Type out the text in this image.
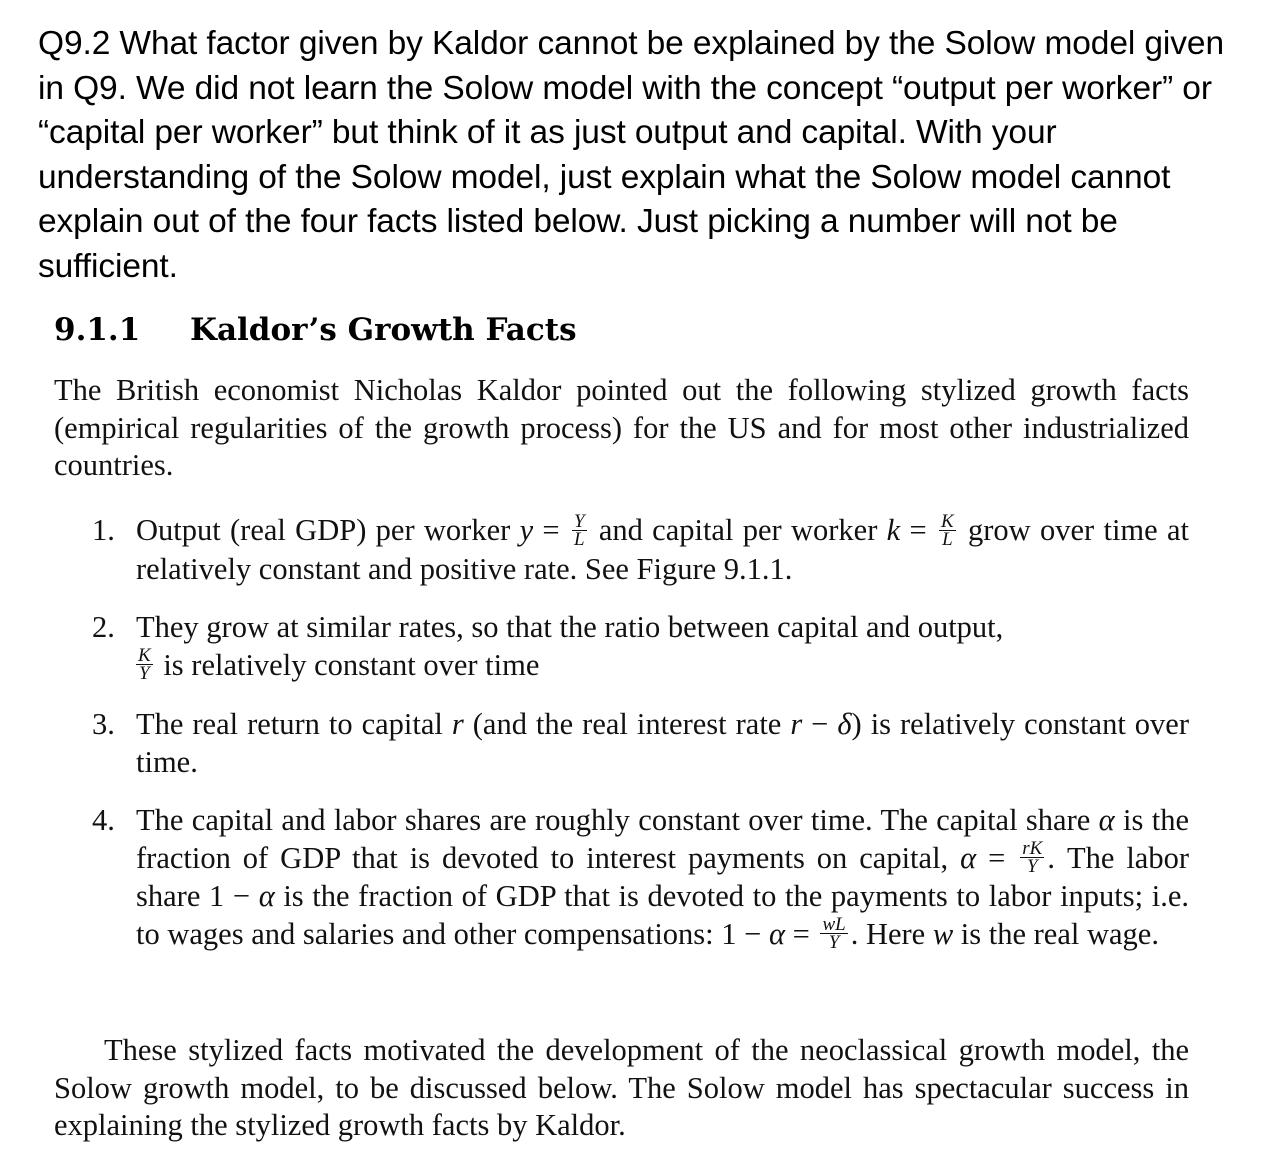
Q9.2 What factor given by Kaldor cannot be explained by the Solow model given in Q9. We did not learn the Solow model with the concept “output per worker” or “capital per worker” but think of it as just output and capital. With your understanding of the Solow model, just explain what the Solow model cannot explain out of the four facts listed below. Just picking a number will not be sufficient.
9.1.1 Kaldor’s Growth Facts

The British economist Nicholas Kaldor pointed out the following stylized growth facts (empirical regularities of the growth process) for the US and for most other industrialized countries.

1. Output (real GDP) per worker $y = \frac{Y}{L}$ and capital per worker $k = \frac{K}{L}$ grow over time at relatively constant and positive rate. See Figure 9.1.1.
2. They grow at similar rates, so that the ratio between capital and output,

$\frac{K}{Y}$ is relatively constant over time
3. The real return to capital r (and the real interest rate r − δ) is relatively constant over time.
4. The capital and labor shares are roughly constant over time. The capital share α is the fraction of GDP that is devoted to interest payments on capital, $\alpha = \frac{rK}{Y}$ . The labor share 1 − α is the fraction of GDP that is devoted to the payments to labor inputs; i.e. to wages and salaries and other compensations: $1 - \alpha = \frac{wL}{Y}$ . Here w is the real wage.

These stylized facts motivated the development of the neoclassical growth model, the Solow growth model, to be discussed below. The Solow model has spectacular success in explaining the stylized growth facts by Kaldor.
